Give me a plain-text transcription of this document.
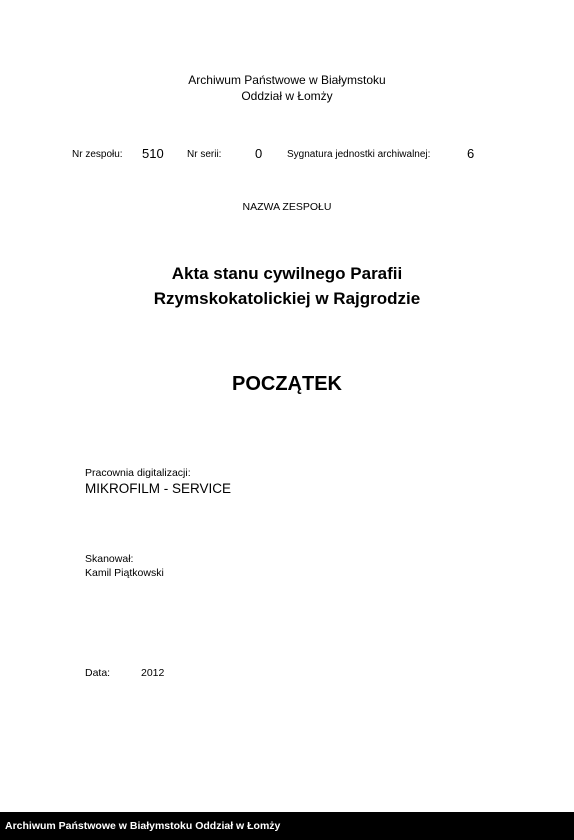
Archiwum Państwowe w Białymstoku
Oddział w Łomży
Nr zespołu: 510 Nr serii:	0 Sygnatura jednostki archiwalnej:	6
NAZWA ZESPOŁU
Akta stanu cywilnego Parafii
Rzymskokatolickiej w Rajgrodzie
POCZĄTEK
Pracownia digitalizacji:
MIKROFILM - SERVICE
Skanował:
Kamil Piątkowski
Data:	2012
Archiwum Państwowe w Białymstoku Oddział w Łomży
